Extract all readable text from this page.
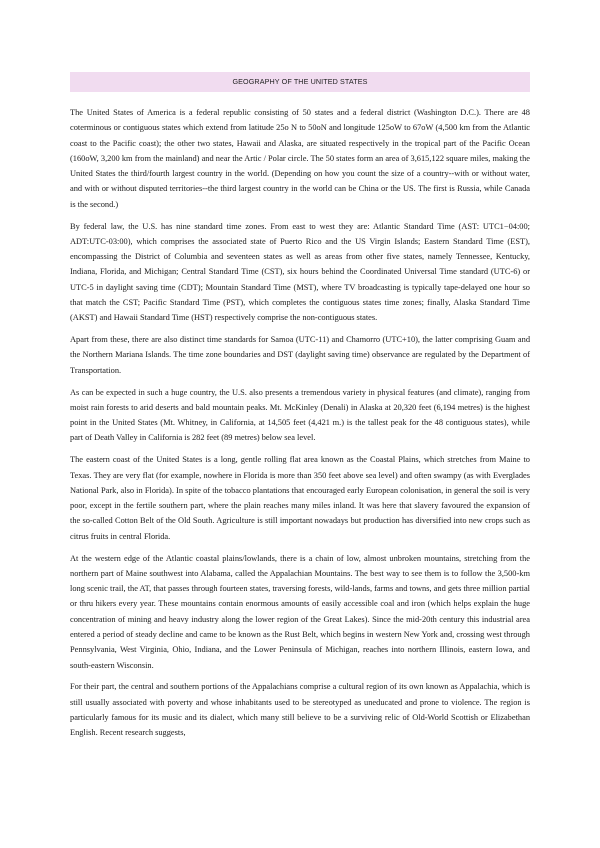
GEOGRAPHY OF THE UNITED STATES

The United States of America is a federal republic consisting of 50 states and a federal district (Washington D.C.). There are 48 coterminous or contiguous states which extend from latitude 25o N to 50oN and longitude 125oW to 67oW (4,500 km from the Atlantic coast to the Pacific coast); the other two states, Hawaii and Alaska, are situated respectively in the tropical part of the Pacific Ocean (160oW, 3,200 km from the mainland) and near the Artic / Polar circle. The 50 states form an area of 3,615,122 square miles, making the United States the third/fourth largest country in the world. (Depending on how you count the size of a country--with or without water, and with or without disputed territories--the third largest country in the world can be China or the US. The first is Russia, while Canada is the second.)

By federal law, the U.S. has nine standard time zones. From east to west they are: Atlantic Standard Time (AST: UTC1−04:00; ADT:UTC-03:00), which comprises the associated state of Puerto Rico and the US Virgin Islands; Eastern Standard Time (EST), encompassing the District of Columbia and seventeen states as well as areas from other five states, namely Tennessee, Kentucky, Indiana, Florida, and Michigan; Central Standard Time (CST), six hours behind the Coordinated Universal Time standard (UTC-6) or UTC-5 in daylight saving time (CDT); Mountain Standard Time (MST), where TV broadcasting is typically tape-delayed one hour so that match the CST; Pacific Standard Time (PST), which completes the contiguous states time zones; finally, Alaska Standard Time (AKST) and Hawaii Standard Time (HST) respectively comprise the non-contiguous states.

Apart from these, there are also distinct time standards for Samoa (UTC-11) and Chamorro (UTC+10), the latter comprising Guam and the Northern Mariana Islands. The time zone boundaries and DST (daylight saving time) observance are regulated by the Department of Transportation.

As can be expected in such a huge country, the U.S. also presents a tremendous variety in physical features (and climate), ranging from moist rain forests to arid deserts and bald mountain peaks. Mt. McKinley (Denali) in Alaska at 20,320 feet (6,194 metres) is the highest point in the United States (Mt. Whitney, in California, at 14,505 feet (4,421 m.) is the tallest peak for the 48 contiguous states), while part of Death Valley in California is 282 feet (89 metres) below sea level.

The eastern coast of the United States is a long, gentle rolling flat area known as the Coastal Plains, which stretches from Maine to Texas. They are very flat (for example, nowhere in Florida is more than 350 feet above sea level) and often swampy (as with Everglades National Park, also in Florida). In spite of the tobacco plantations that encouraged early European colonisation, in general the soil is very poor, except in the fertile southern part, where the plain reaches many miles inland. It was here that slavery favoured the expansion of the so-called Cotton Belt of the Old South. Agriculture is still important nowadays but production has diversified into new crops such as citrus fruits in central Florida.

At the western edge of the Atlantic coastal plains/lowlands, there is a chain of low, almost unbroken mountains, stretching from the northern part of Maine southwest into Alabama, called the Appalachian Mountains. The best way to see them is to follow the 3,500-km long scenic trail, the AT, that passes through fourteen states, traversing forests, wild-lands, farms and towns, and gets three million partial or thru hikers every year. These mountains contain enormous amounts of easily accessible coal and iron (which helps explain the huge concentration of mining and heavy industry along the lower region of the Great Lakes). Since the mid-20th century this industrial area entered a period of steady decline and came to be known as the Rust Belt, which begins in western New York and, crossing west through Pennsylvania, West Virginia, Ohio, Indiana, and the Lower Peninsula of Michigan, reaches into northern Illinois, eastern Iowa, and south-eastern Wisconsin.

For their part, the central and southern portions of the Appalachians comprise a cultural region of its own known as Appalachia, which is still usually associated with poverty and whose inhabitants used to be stereotyped as uneducated and prone to violence. The region is particularly famous for its music and its dialect, which many still believe to be a surviving relic of Old-World Scottish or Elizabethan English. Recent research suggests,
